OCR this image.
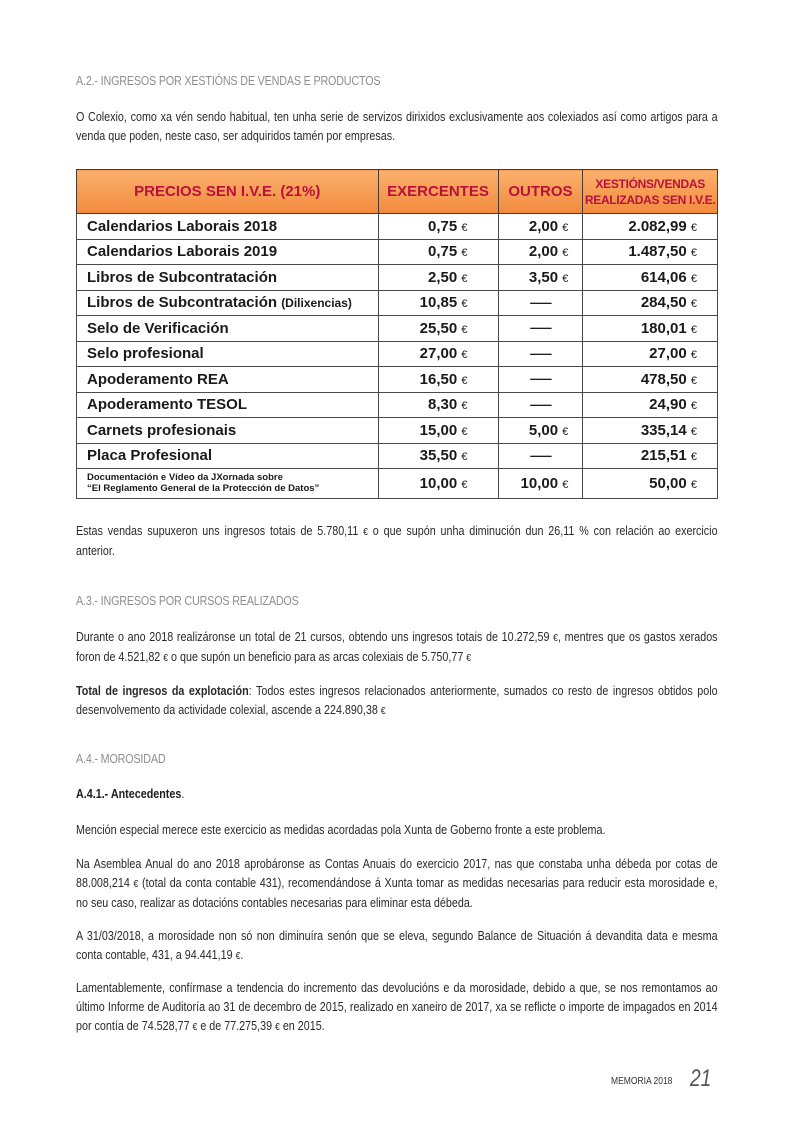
A.2.- INGRESOS POR XESTIÓNS DE VENDAS E PRODUCTOS
O Colexio, como xa vén sendo habitual, ten unha serie de servizos dirixidos exclusivamente aos colexiados así como artigos para a venda que poden, neste caso, ser adquiridos tamén por empresas.
PRECIOS SEN I.V.E. (21%)	EXERCENTES	OUTROS	XESTIÓNS/VENDAS
REALIZADAS SEN I.V.E.

Calendarios Laborais 2018	0,75 €	2,00 €	2.082,99 €
Calendarios Laborais 2019	0,75 €	2,00 €	1.487,50 €
Libros de Subcontratación	2,50 €	3,50 €	614,06 €
Libros de Subcontratación (Dilixencias)	10,85 €	--------	284,50 €
Selo de Verificación	25,50 €	--------	180,01 €
Selo profesional	27,00 €	--------	27,00 €
Apoderamento REA	16,50 €	--------	478,50 €
Apoderamento TESOL	8,30 €	--------	24,90 €
Carnets profesionais	15,00 €	5,00 €	335,14 €
Placa Profesional	35,50 €	--------	215,51 €

Documentación e Vídeo da JXornada sobre
“El Reglamento General de la Protección de Datos”	10,00 €	10,00 €	50,00 €
Estas vendas supuxeron uns ingresos totais de 5.780,11 € o que supón unha diminución dun 26,11 % con relación ao exercicio anterior.
A.3.- INGRESOS POR CURSOS REALIZADOS
Durante o ano 2018 realizáronse un total de 21 cursos, obtendo uns ingresos totais de 10.272,59 €, mentres que os gastos xerados foron de 4.521,82 € o que supón un beneficio para as arcas colexiais de 5.750,77 €
Total de ingresos da explotación: Todos estes ingresos relacionados anteriormente, sumados co resto de ingresos obtidos polo desenvolvemento da actividade colexial, ascende a 224.890,38 €
A.4.- MOROSIDAD
A.4.1.- Antecedentes.
Mención especial merece este exercicio as medidas acordadas pola Xunta de Goberno fronte a este problema.
Na Asemblea Anual do ano 2018 aprobáronse as Contas Anuais do exercicio 2017, nas que constaba unha débeda por cotas de 88.008,214 € (total da conta contable 431), recomendándose á Xunta tomar as medidas necesarias para reducir esta morosidade e, no seu caso, realizar as dotacións contables necesarias para eliminar esta débeda.
A 31/03/2018, a morosidade non só non diminuíra senón que se eleva, segundo Balance de Situación á devandita data e mesma conta contable, 431, a 94.441,19 €.
Lamentablemente, confírmase a tendencia do incremento das devolucións e da morosidade, debido a que, se nos remontamos ao último Informe de Auditoría ao 31 de decembro de 2015, realizado en xaneiro de 2017, xa se reflicte o importe de impagados en 2014 por contía de 74.528,77 € e de 77.275,39 € en 2015.
MEMORIA 2018 21
